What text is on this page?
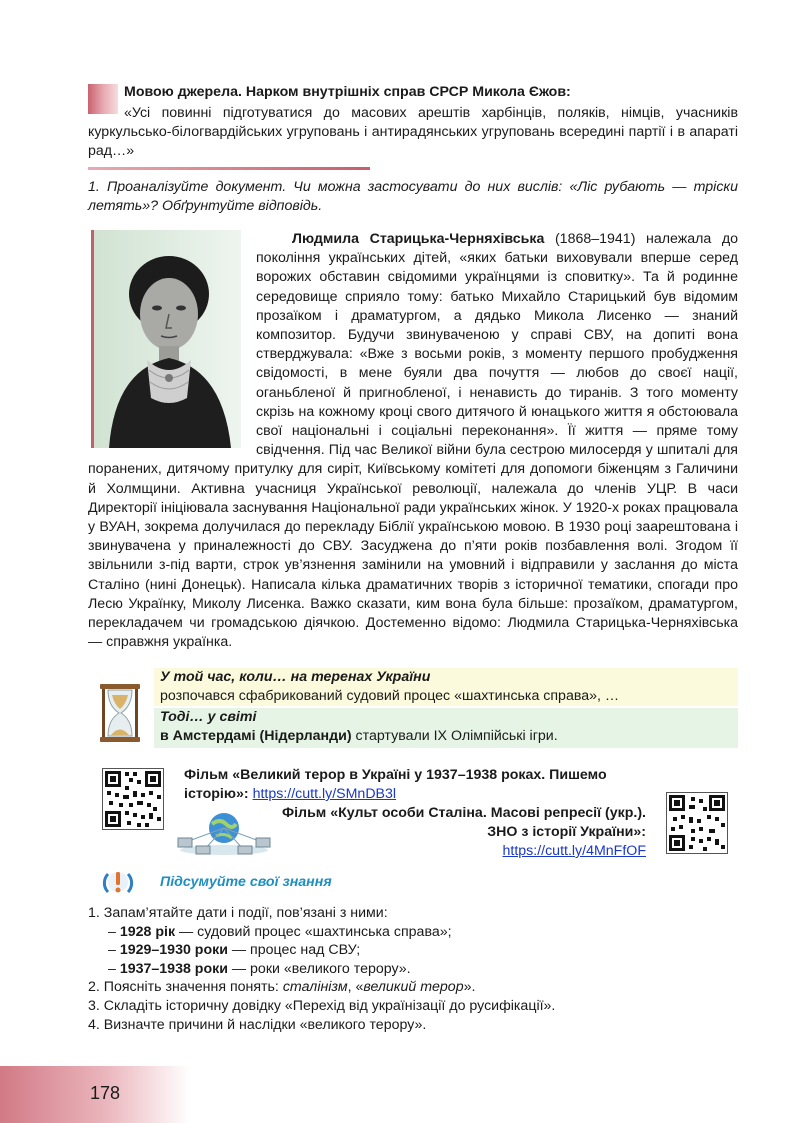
Мовою джерела. Нарком внутрішніх справ СРСР Микола Єжов:
«Усі повинні підготуватися до масових арештів харбінців, поляків, німців, учасників куркульсько-білогвардійських угруповань і антирадянських угруповань всередині партії і в апараті рад…»
1. Проаналізуйте документ. Чи можна застосувати до них вислів: «Ліс рубають — тріски летять»? Обґрунтуйте відповідь.
Людмила Старицька-Черняхівська (1868–1941) належала до покоління українських дітей, «яких батьки виховували вперше серед ворожих обставин свідомими українцями із сповитку». Та й родинне середовище сприяло тому: батько Михайло Старицький був відомим прозаїком і драматургом, а дядько Микола Лисенко — знаний композитор. Будучи звинуваченою у справі СВУ, на допиті вона стверджувала: «Вже з восьми років, з моменту першого пробудження свідомості, в мене буяли два почуття — любов до своєї нації, оганьбленої й пригнобленої, і ненависть до тиранів. З того моменту скрізь на кожному кроці свого дитячого й юнацького життя я обстоювала свої національні і соціальні переконання». Її життя — пряме тому свідчення. Під час Великої війни була сестрою милосердя у шпиталі для поранених, дитячому притулку для сиріт, Київському комітеті для допомоги біженцям з Галичини й Холмщини. Активна учасниця Української революції, належала до членів УЦР. В часи Директорії ініціювала заснування Національної ради українських жінок. У 1920-х роках працювала у ВУАН, зокрема долучилася до перекладу Біблії українською мовою. В 1930 році заарештована і звинувачена у приналежності до СВУ. Засуджена до п’яти років позбавлення волі. Згодом її звільнили з-під варти, строк ув’язнення замінили на умовний і відправили у заслання до міста Сталіно (нині Донецьк). Написала кілька драматичних творів з історичної тематики, спогади про Лесю Українку, Миколу Лисенка. Важко сказати, ким вона була більше: прозаїком, драматургом, перекладачем чи громадською діячкою. Достеменно відомо: Людмила Старицька-Черняхівська — справжня українка.
У той час, коли… на теренах України
розпочався сфабрикований судовий процес «шахтинська справа», …
Тоді… у світі
в Амстердамі (Нідерланди) стартували IX Олімпійські ігри.
Фільм «Великий терор в Україні у 1937–1938 роках. Пишемо історію»: https://cutt.ly/SMnDB3l
Фільм «Культ особи Сталіна. Масові репресії (укр.). ЗНО з історії України»:
https://cutt.ly/4MnFfOF
Підсумуйте свої знання
1. Запам’ятайте дати і події, пов’язані з ними:
– 1928 рік — судовий процес «шахтинська справа»;
– 1929–1930 роки — процес над СВУ;
– 1937–1938 роки — роки «великого терору».
2. Поясніть значення понять: сталінізм, «великий терор».
3. Складіть історичну довідку «Перехід від українізації до русифікації».
4. Визначте причини й наслідки «великого терору».
178
